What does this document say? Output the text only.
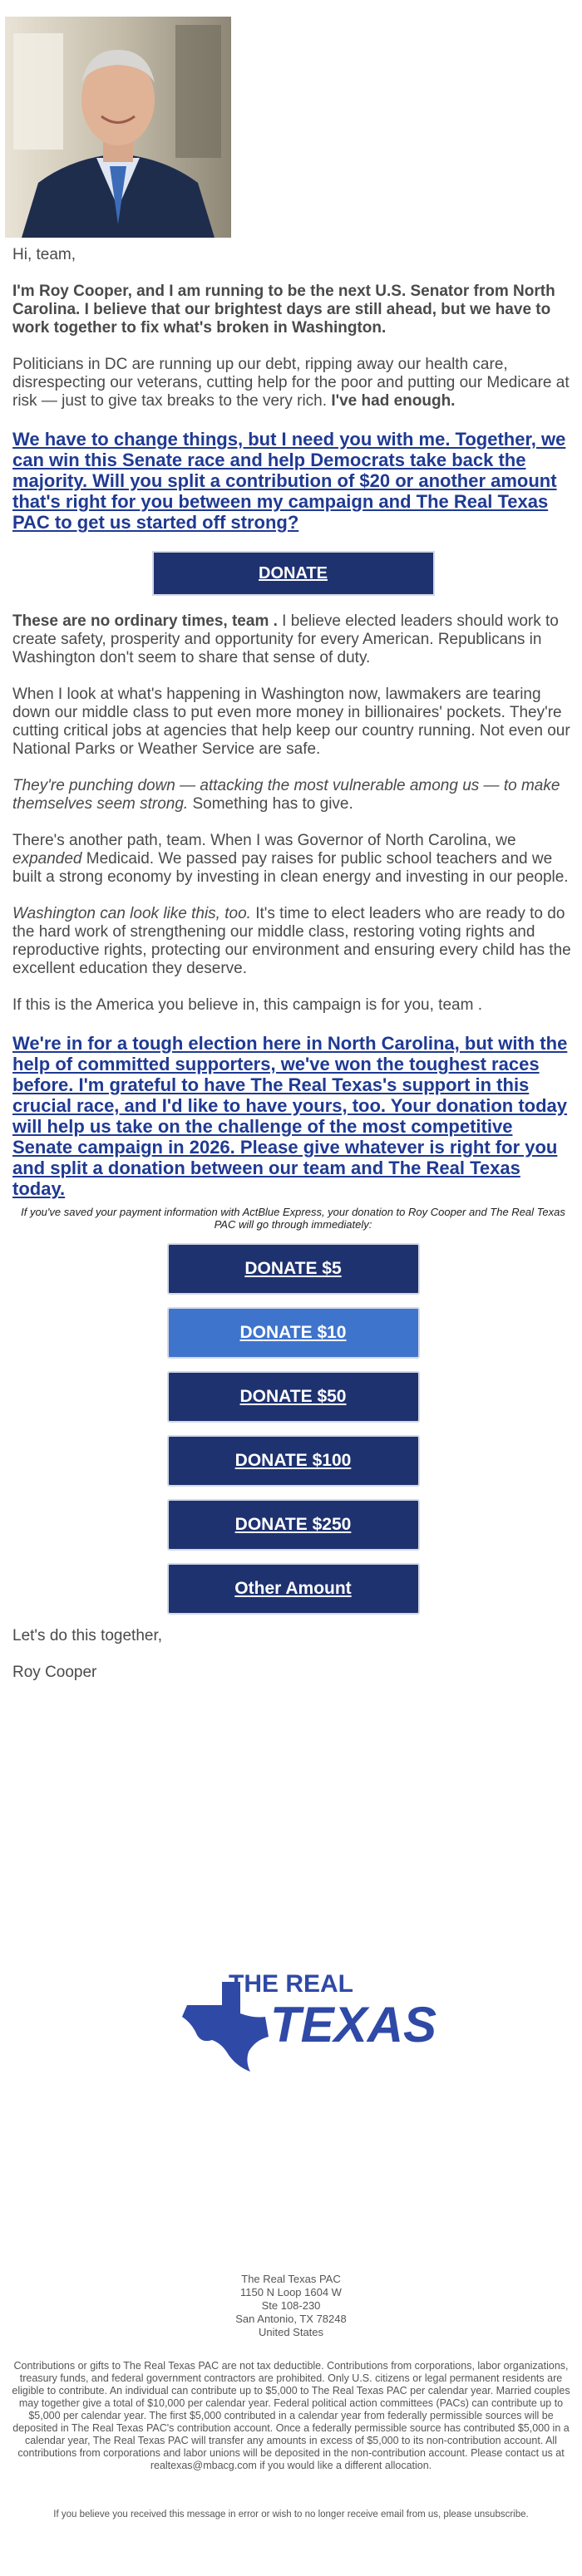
Hi, team,

I'm Roy Cooper, and I am running to be the next U.S. Senator from North Carolina. I believe that our brightest days are still ahead, but we have to work together to fix what's broken in Washington.

Politicians in DC are running up our debt, ripping away our health care, disrespecting our veterans, cutting help for the poor and putting our Medicare at risk — just to give tax breaks to the very rich. I've had enough.

We have to change things, but I need you with me. Together, we can win this Senate race and help Democrats take back the majority. Will you split a contribution of $20 or another amount that's right for you between my campaign and The Real Texas PAC to get us started off strong?
DONATE

These are no ordinary times, team . I believe elected leaders should work to create safety, prosperity and opportunity for every American. Republicans in Washington don't seem to share that sense of duty.

When I look at what's happening in Washington now, lawmakers are tearing down our middle class to put even more money in billionaires' pockets. They're cutting critical jobs at agencies that help keep our country running. Not even our National Parks or Weather Service are safe.

They're punching down — attacking the most vulnerable among us — to make themselves seem strong. Something has to give.

There's another path, team. When I was Governor of North Carolina, we expanded Medicaid. We passed pay raises for public school teachers and we built a strong economy by investing in clean energy and investing in our people.

Washington can look like this, too. It's time to elect leaders who are ready to do the hard work of strengthening our middle class, restoring voting rights and reproductive rights, protecting our environment and ensuring every child has the excellent education they deserve.

If this is the America you believe in, this campaign is for you, team .

We're in for a tough election here in North Carolina, but with the help of committed supporters, we've won the toughest races before. I'm grateful to have The Real Texas's support in this crucial race, and I'd like to have yours, too. Your donation today will help us take on the challenge of the most competitive Senate campaign in 2026. Please give whatever is right for you and split a donation between our team and The Real Texas today.

If you've saved your payment information with ActBlue Express, your donation to Roy Cooper and The Real Texas PAC will go through immediately:

DONATE $5
DONATE $10
DONATE $50
DONATE $100
DONATE $250
Other Amount

Let's do this together,

Roy Cooper

THE REAL
TEXAS
The Real Texas PAC
1150 N Loop 1604 W
Ste 108-230
San Antonio, TX 78248
United States
Contributions or gifts to The Real Texas PAC are not tax deductible. Contributions from corporations, labor organizations, treasury funds, and federal government contractors are prohibited. Only U.S. citizens or legal permanent residents are eligible to contribute. An individual can contribute up to $5,000 to The Real Texas PAC per calendar year. Married couples may together give a total of $10,000 per calendar year. Federal political action committees (PACs) can contribute up to $5,000 per calendar year. The first $5,000 contributed in a calendar year from federally permissible sources will be deposited in The Real Texas PAC's contribution account. Once a federally permissible source has contributed $5,000 in a calendar year, The Real Texas PAC will transfer any amounts in excess of $5,000 to its non-contribution account. All contributions from corporations and labor unions will be deposited in the non-contribution account. Please contact us at realtexas@mbacg.com if you would like a different allocation.
If you believe you received this message in error or wish to no longer receive email from us, please unsubscribe.
